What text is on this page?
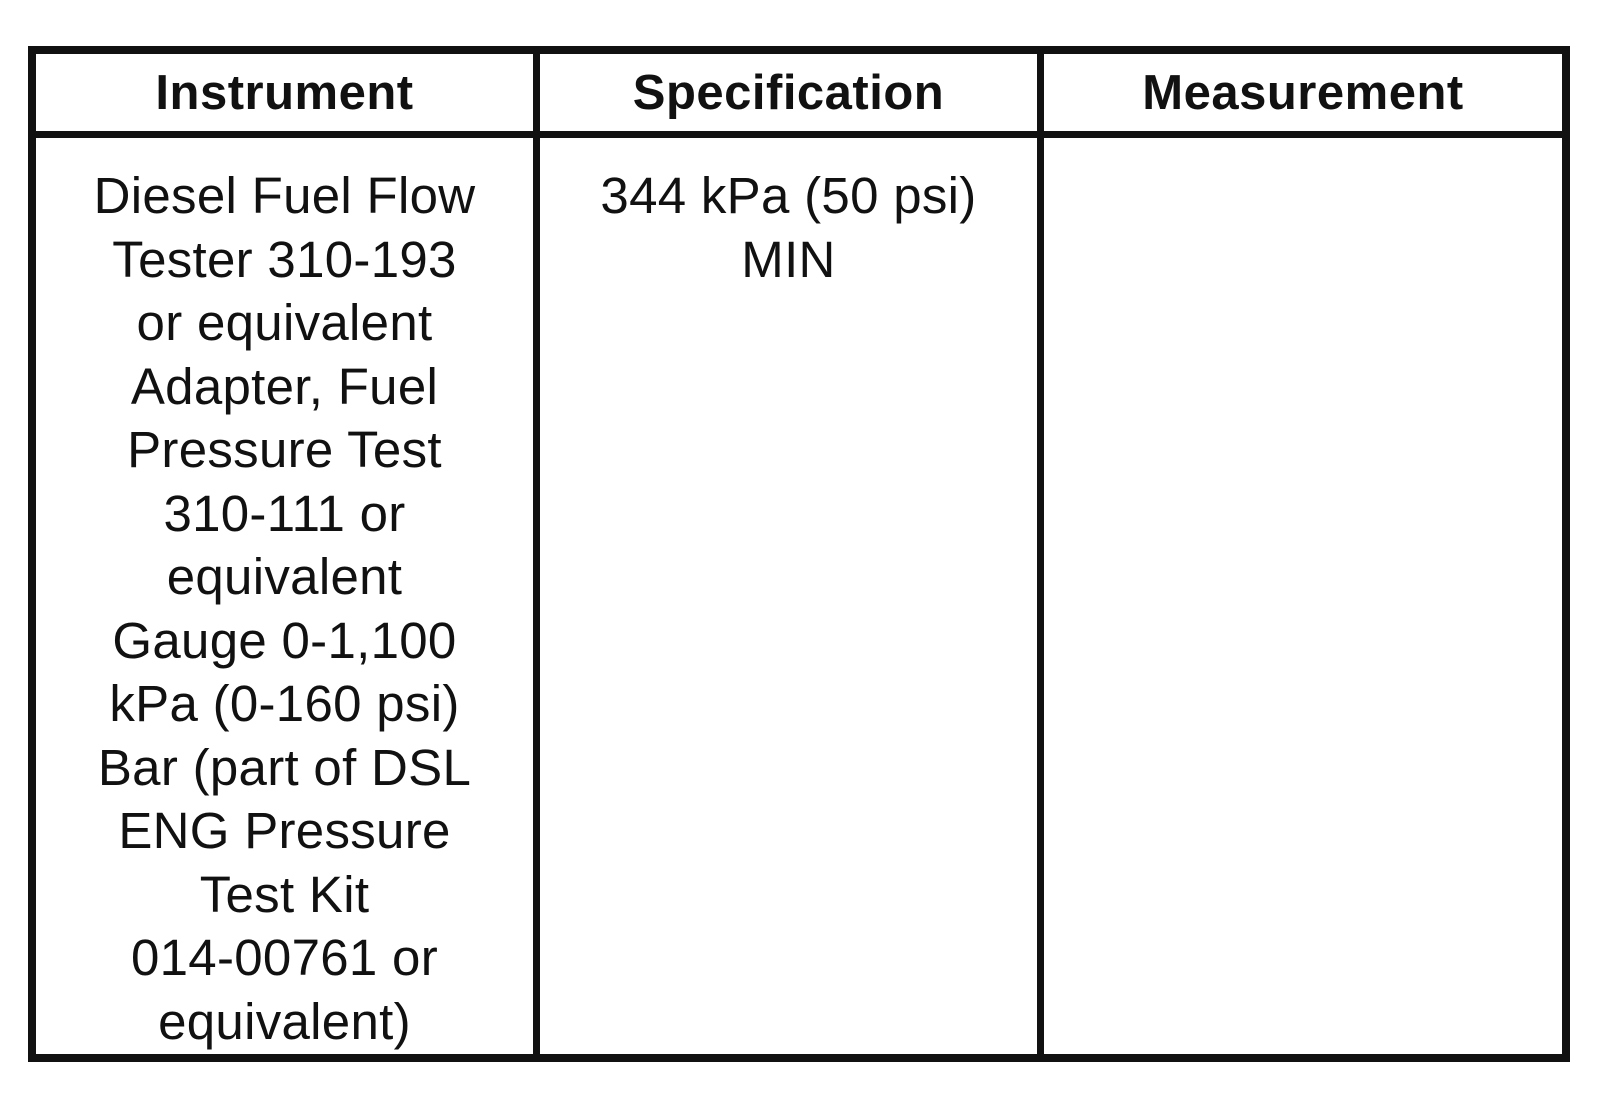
Instrument	Specification	Measurement
Diesel Fuel Flow
Tester 310-193
or equivalent
Adapter, Fuel
Pressure Test
310-111 or
equivalent
Gauge 0-1,100
kPa (0-160 psi)
Bar (part of DSL
ENG Pressure
Test Kit
014-00761 or
equivalent)
344 kPa (50 psi)
MIN
